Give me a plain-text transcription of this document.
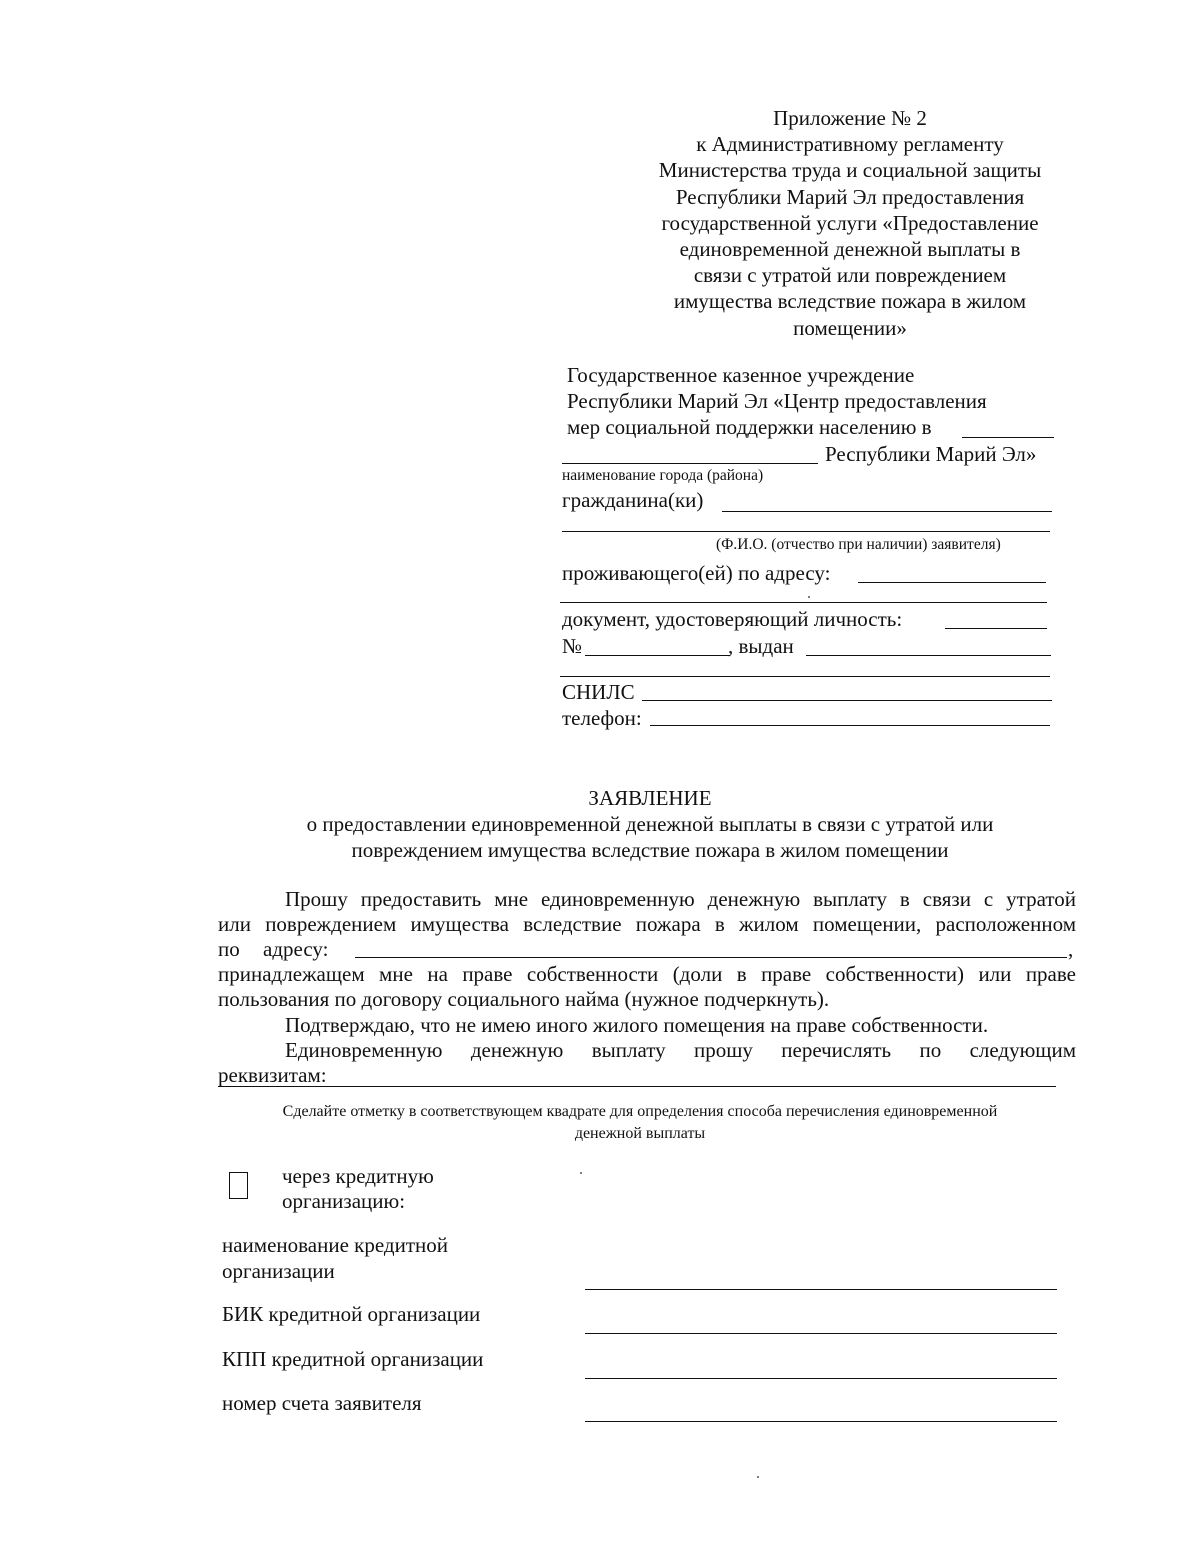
Приложение № 2
к Административному регламенту
Министерства труда и социальной защиты
Республики Марий Эл предоставления
государственной услуги «Предоставление
единовременной денежной выплаты в
связи с утратой или повреждением
имущества вследствие пожара в жилом
помещении»
Государственное казенное учреждение
Республики Марий Эл «Центр предоставления
мер социальной поддержки населению в
Республики Марий Эл»
наименование города (района)
гражданина(ки)
(Ф.И.О. (отчество при наличии) заявителя)
проживающего(ей) по адресу:
документ, удостоверяющий личность:
№	, выдан
СНИЛС
телефон:
ЗАЯВЛЕНИЕ
о предоставлении единовременной денежной выплаты в связи с утратой или
повреждением имущества вследствие пожара в жилом помещении
Прошу предоставить мне единовременную денежную выплату в связи с утратой
или повреждением имущества вследствие пожара в жилом помещении, расположенном
по адресу:	,
принадлежащем мне на праве собственности (доли в праве собственности) или праве
пользования по договору социального найма (нужное подчеркнуть).
Подтверждаю, что не имею иного жилого помещения на праве собственности.
Единовременную денежную выплату прошу перечислять по следующим
реквизитам:
Сделайте отметку в соответствующем квадрате для определения способа перечисления единовременной
денежной выплаты
через кредитную
организацию:
наименование кредитной
организации
БИК кредитной организации
КПП кредитной организации
номер счета заявителя
